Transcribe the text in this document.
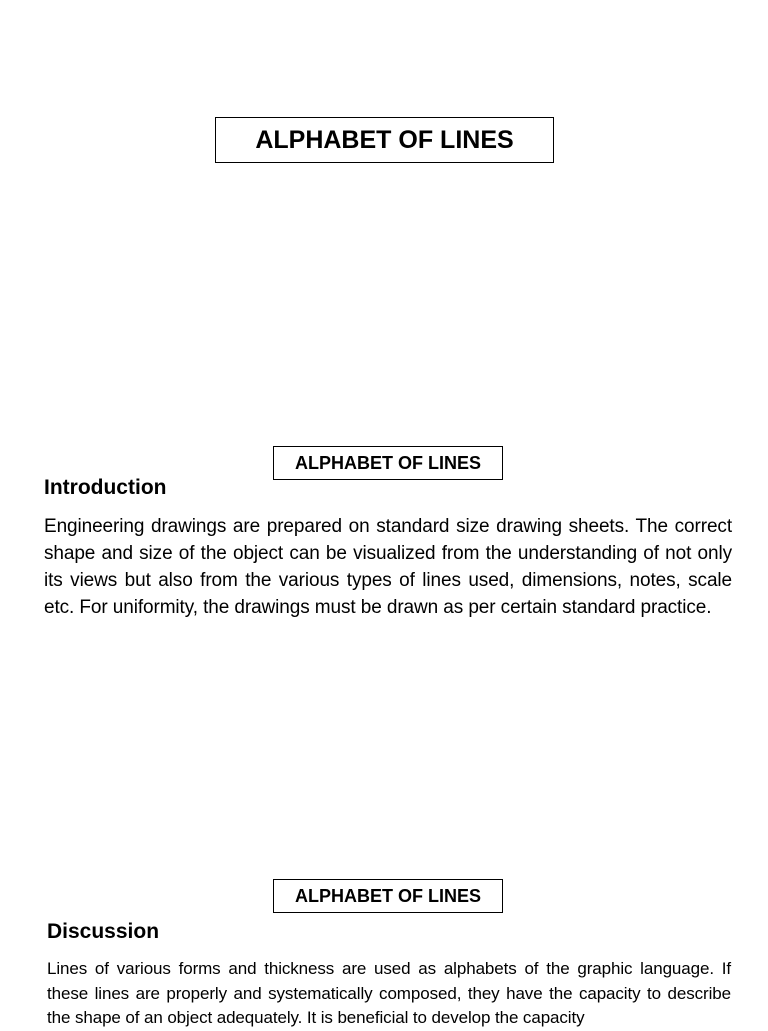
ALPHABET OF LINES
ALPHABET OF LINES
Introduction

Engineering drawings are prepared on standard size drawing sheets. The correct shape and size of the object can be visualized from the understanding of not only its views but also from the various types of lines used, dimensions, notes, scale etc. For uniformity, the drawings must be drawn as per certain standard practice.

ALPHABET OF LINES
Discussion

Lines of various forms and thickness are used as alphabets of the graphic language. If these lines are properly and systematically composed, they have the capacity to describe the shape of an object adequately. It is beneficial to develop the capacity
